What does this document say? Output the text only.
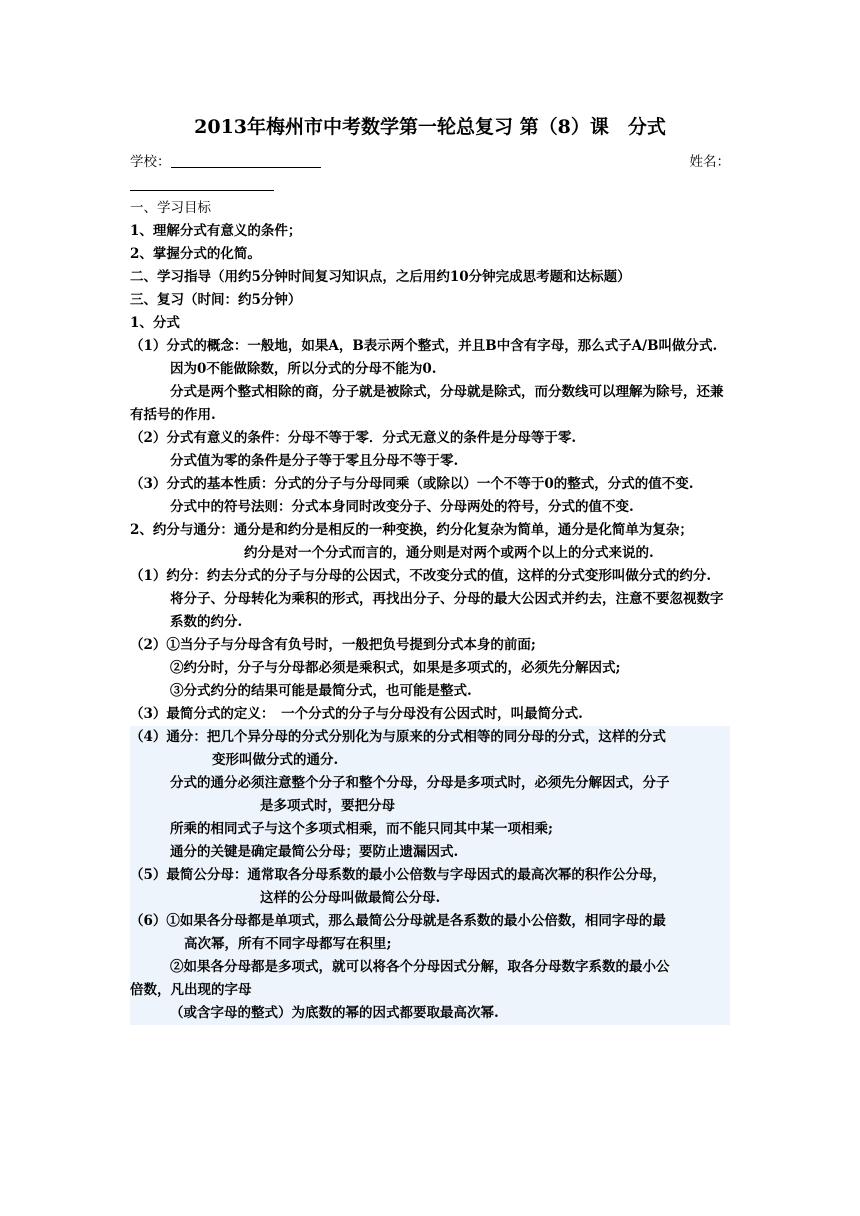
2013年梅州市中考数学第一轮总复习 第（8）课　分式
学校：	姓名：
一、学习目标
1、理解分式有意义的条件；
2、掌握分式的化简。
二、学习指导（用约5分钟时间复习知识点，之后用约10分钟完成思考题和达标题）
三、复习（时间：约5分钟）
1、分式
（1）分式的概念：一般地，如果A，B表示两个整式，并且B中含有字母，那么式子A/B叫做分式.
因为0不能做除数，所以分式的分母不能为0.
分式是两个整式相除的商，分子就是被除式，分母就是除式，而分数线可以理解为除号，还兼有括号的作用.
（2）分式有意义的条件：分母不等于零．分式无意义的条件是分母等于零.
分式值为零的条件是分子等于零且分母不等于零.
（3）分式的基本性质：分式的分子与分母同乘（或除以）一个不等于0的整式，分式的值不变.
分式中的符号法则：分式本身同时改变分子、分母两处的符号，分式的值不变.
2、约分与通分：通分是和约分是相反的一种变换，约分化复杂为简单，通分是化简单为复杂；
约分是对一个分式而言的，通分则是对两个或两个以上的分式来说的.
（1）约分：约去分式的分子与分母的公因式，不改变分式的值，这样的分式变形叫做分式的约分.
将分子、分母转化为乘积的形式，再找出分子、分母的最大公因式并约去，注意不要忽视数字系数的约分.
（2）①当分子与分母含有负号时，一般把负号提到分式本身的前面;
②约分时，分子与分母都必须是乘积式，如果是多项式的，必须先分解因式;
③分式约分的结果可能是最简分式，也可能是整式.
（3）最简分式的定义：　一个分式的分子与分母没有公因式时，叫最简分式.
（4）通分：把几个异分母的分式分别化为与原来的分式相等的同分母的分式，这样的分式
变形叫做分式的通分.
分式的通分必须注意整个分子和整个分母，分母是多项式时，必须先分解因式，分子
是多项式时，要把分母
所乘的相同式子与这个多项式相乘，而不能只同其中某一项相乘;
通分的关键是确定最简公分母；要防止遗漏因式.
（5）最简公分母：通常取各分母系数的最小公倍数与字母因式的最高次幂的积作公分母，
这样的公分母叫做最简公分母.
（6）①如果各分母都是单项式，那么最简公分母就是各系数的最小公倍数，相同字母的最
高次幂，所有不同字母都写在积里;
②如果各分母都是多项式，就可以将各个分母因式分解，取各分母数字系数的最小公
倍数，凡出现的字母
（或含字母的整式）为底数的幂的因式都要取最高次幂.
